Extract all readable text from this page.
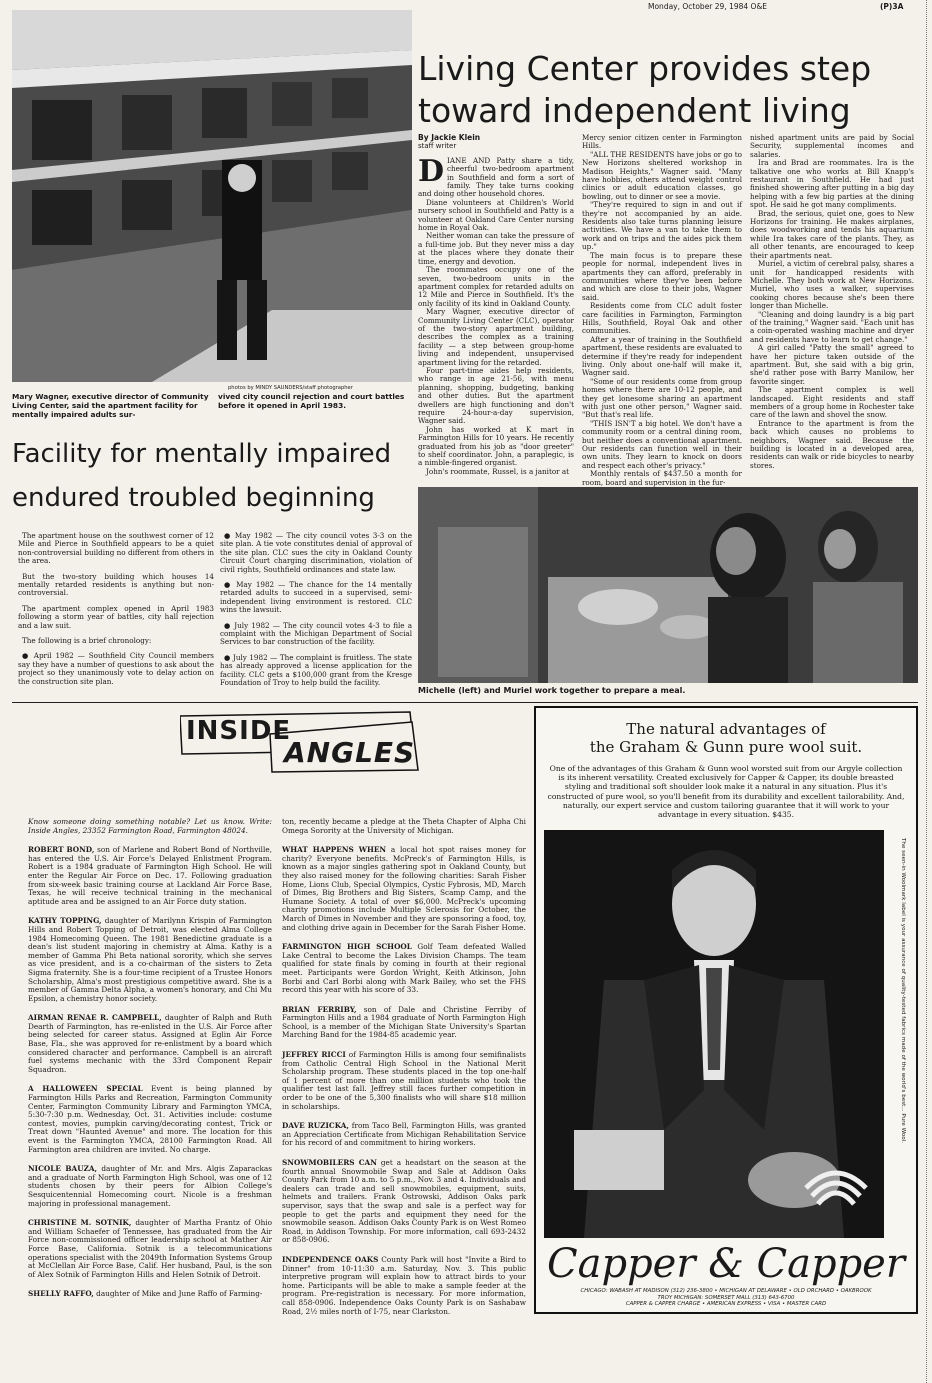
Monday, October 29, 1984 O&E	(P)3A
photos by MINDY SAUNDERS/staff photographer
Mary Wagner, executive director of Community Living Center, said the apartment facility for mentally impaired adults sur-
vived city council rejection and court battles before it opened in April 1983.
Living Center provides step
toward independent living
By Jackie Klein
staff writer
D IANE AND Patty share a tidy, cheerful two-bedroom apartment in Southfield and form a sort of family. They take turns cooking and doing other household chores.

Diane volunteers at Children's World nursery school in Southfield and Patty is a volunteer at Oakland Care Center nursing home in Royal Oak.

Neither woman can take the pressure of a full-time job. But they never miss a day at the places where they donate their time, energy and devotion.

The roommates occupy one of the seven, two-bedroom units in the apartment complex for retarded adults on 12 Mile and Pierce in Southfield. It's the only facility of its kind in Oakland County.

Mary Wagner, executive director of Community Living Center (CLC), operator of the two-story apartment building, describes the complex as a training facility — a step between group-home living and independent, unsupervised apartment living for the retarded.

Four part-time aides help residents, who range in age 21-56, with menu planning, shopping, budgeting, banking and other duties. But the apartment dwellers are high functioning and don't require 24-hour-a-day supervision, Wagner said.

John has worked at K mart in Farmington Hills for 10 years. He recently graduated from his job as "door greeter" to shelf coordinator. John, a paraplegic, is a nimble-fingered organist.

John's roommate, Russel, is a janitor at

Mercy senior citizen center in Farmington Hills.

"ALL THE RESIDENTS have jobs or go to New Horizons sheltered workshop in Madison Heights," Wagner said. "Many have hobbies, others attend weight control clinics or adult education classes, go bowling, out to dinner or see a movie.

"They're required to sign in and out if they're not accompanied by an aide. Residents also take turns planning leisure activities. We have a van to take them to work and on trips and the aides pick them up."

The main focus is to prepare these people for normal, independent lives in apartments they can afford, preferably in communities where they've been before and which are close to their jobs, Wagner said.

Residents come from CLC adult foster care facilities in Farmington, Farmington Hills, Southfield, Royal Oak and other communities.

After a year of training in the Southfield apartment, these residents are evaluated to determine if they're ready for independent living. Only about one-half will make it, Wagner said.

"Some of our residents come from group homes where there are 10-12 people, and they get lonesome sharing an apartment with just one other person," Wagner said. "But that's real life.

"THIS ISN'T a big hotel. We don't have a community room or a central dining room, but neither does a conventional apartment. Our residents can function well in their own units. They learn to knock on doors and respect each other's privacy."

Monthly rentals of $437.50 a month for room, board and supervision in the fur-

nished apartment units are paid by Social Security, supplemental incomes and salaries.

Ira and Brad are roommates. Ira is the talkative one who works at Bill Knapp's restaurant in Southfield. He had just finished showering after putting in a big day helping with a few big parties at the dining spot. He said he got many compliments.

Brad, the serious, quiet one, goes to New Horizons for training. He makes airplanes, does woodworking and tends his aquarium while Ira takes care of the plants. They, as all other tenants, are encouraged to keep their apartments neat.

Muriel, a victim of cerebral palsy, shares a unit for handicapped residents with Michelle. They both work at New Horizons. Muriel, who uses a walker, supervises cooking chores because she's been there longer than Michelle.

"Cleaning and doing laundry is a big part of the training," Wagner said. "Each unit has a coin-operated washing machine and dryer and residents have to learn to get change."

A girl called "Patty the small" agreed to have her picture taken outside of the apartment. But, she said with a big grin, she'd rather pose with Barry Manilow, her favorite singer.

The apartment complex is well landscaped. Eight residents and staff members of a group home in Rochester take care of the lawn and shovel the snow.

Entrance to the apartment is from the back which causes no problems to neighbors, Wagner said. Because the building is located in a developed area, residents can walk or ride bicycles to nearby stores.

Facility for mentally impaired
endured troubled beginning

The apartment house on the southwest corner of 12 Mile and Pierce in Southfield appears to be a quiet non-controversial building no different from others in the area.

But the two-story building which houses 14 mentally retarded residents is anything but non-controversial.

The apartment complex opened in April 1983 following a storm year of battles, city hall rejection and a law suit.

The following is a brief chronology:

● April 1982 — Southfield City Council members say they have a number of questions to ask about the project so they unanimously vote to delay action on the construction site plan.

● May 1982 — The city council votes 3-3 on the site plan. A tie vote constitutes denial of approval of the site plan. CLC sues the city in Oakland County Circuit Court charging discrimination, violation of civil rights, Southfield ordinances and state law.

● May 1982 — The chance for the 14 mentally retarded adults to succeed in a supervised, semi-independent living environment is restored. CLC wins the lawsuit.

● July 1982 — The city council votes 4-3 to file a complaint with the Michigan Department of Social Services to bar construction of the facility.

● July 1982 — The complaint is fruitless. The state has already approved a license application for the facility. CLC gets a $100,000 grant from the Kresge Foundation of Troy to help build the facility.

Michelle (left) and Muriel work together to prepare a meal.
INSIDE
ANGLES

Know someone doing something notable? Let us know. Write: Inside Angles, 23352 Farmington Road, Farmington 48024.

ROBERT BOND, son of Marlene and Robert Bond of Northville, has entered the U.S. Air Force's Delayed Enlistment Program. Robert is a 1984 graduate of Farmington High School. He will enter the Regular Air Force on Dec. 17. Following graduation from six-week basic training course at Lackland Air Force Base, Texas, he will receive technical training in the mechanical aptitude area and be assigned to an Air Force duty station.

KATHY TOPPING, daughter of Marilynn Krispin of Farmington Hills and Robert Topping of Detroit, was elected Alma College 1984 Homecoming Queen. The 1981 Benedictine graduate is a dean's list student majoring in chemistry at Alma. Kathy is a member of Gamma Phi Beta national sorority, which she serves as vice president, and is a co-chairman of the sisters to Zeta Sigma fraternity. She is a four-time recipient of a Trustee Honors Scholarship, Alma's most prestigious competitive award. She is a member of Gamma Delta Alpha, a women's honorary, and Chi Mu Epsilon, a chemistry honor society.

AIRMAN RENAE R. CAMPBELL, daughter of Ralph and Ruth Dearth of Farmington, has re-enlisted in the U.S. Air Force after being selected for career status. Assigned at Eglin Air Force Base, Fla., she was approved for re-enlistment by a board which considered character and performance. Campbell is an aircraft fuel systems mechanic with the 33rd Component Repair Squadron.

A HALLOWEEN SPECIAL Event is being planned by Farmington Hills Parks and Recreation, Farmington Community Center, Farmington Community Library and Farmington YMCA, 5:30-7:30 p.m. Wednesday, Oct. 31. Activities include: costume contest, movies, pumpkin carving/decorating contest, Trick or Treat down "Haunted Avenue" and more. The location for this event is the Farmington YMCA, 28100 Farmington Road. All Farmington area children are invited. No charge.

NICOLE BAUZA, daughter of Mr. and Mrs. Algis Zaparackas and a graduate of North Farmington High School, was one of 12 students chosen by their peers for Albion College's Sesquicentennial Homecoming court. Nicole is a freshman majoring in professional management.

CHRISTINE M. SOTNIK, daughter of Martha Frantz of Ohio and William Schaefer of Tennessee, has graduated from the Air Force non-commissioned officer leadership school at Mather Air Force Base, California. Sotnik is a telecommunications operations specialist with the 2049th Information Systems Group at McClellan Air Force Base, Calif. Her husband, Paul, is the son of Alex Sotnik of Farmington Hills and Helen Sotnik of Detroit.

SHELLY RAFFO, daughter of Mike and June Raffo of Farming-

ton, recently became a pledge at the Theta Chapter of Alpha Chi Omega Sorority at the University of Michigan.

WHAT HAPPENS WHEN a local hot spot raises money for charity? Everyone benefits. McPreck's of Farmington Hills, is known as a major singles gathering spot in Oakland County, but they also raised money for the following charities: Sarah Fisher Home, Lions Club, Special Olympics, Cystic Fybrosis, MD, March of Dimes, Big Brothers and Big Sisters, Scamp Camp, and the Humane Society. A total of over $6,000. McPreck's upcoming charity promotions include Multiple Sclerosis for October, the March of Dimes in November and they are sponsoring a food, toy, and clothing drive again in December for the Sarah Fisher Home.

FARMINGTON HIGH SCHOOL Golf Team defeated Walled Lake Central to become the Lakes Division Champs. The team qualified for state finals by coming in fourth at their regional meet. Participants were Gordon Wright, Keith Atkinson, John Borbi and Carl Borbi along with Mark Bailey, who set the FHS record this year with his score of 33.

BRIAN FERRIBY, son of Dale and Christine Ferriby of Farmington Hills and a 1984 graduate of North Farmington High School, is a member of the Michigan State University's Spartan Marching Band for the 1984-85 academic year.

JEFFREY RICCI of Farmington Hills is among four semifinalists from Catholic Central High School in the National Merit Scholarship program. These students placed in the top one-half of 1 percent of more than one million students who took the qualifier test last fall. Jeffrey still faces further competition in order to be one of the 5,300 finalists who will share $18 million in scholarships.

DAVE RUZICKA, from Taco Bell, Farmington Hills, was granted an Appreciation Certificate from Michigan Rehabilitation Service for his record of and commitment to hiring workers.

SNOWMOBILERS CAN get a headstart on the season at the fourth annual Snowmobile Swap and Sale at Addison Oaks County Park from 10 a.m. to 5 p.m., Nov. 3 and 4. Individuals and dealers can trade and sell snowmobiles, equipment, suits, helmets and trailers. Frank Ostrowski, Addison Oaks park supervisor, says that the swap and sale is a perfect way for people to get the parts and equipment they need for the snowmobile season. Addison Oaks County Park is on West Romeo Road, in Addison Township. For more information, call 693-2432 or 858-0906.

INDEPENDENCE OAKS County Park will host "Invite a Bird to Dinner" from 10-11:30 a.m. Saturday, Nov. 3. This public interpretive program will explain how to attract birds to your home. Participants will be able to make a sample feeder at the program. Pre-registration is necessary. For more information, call 858-0906. Independence Oaks County Park is on Sashabaw Road, 2½ miles north of I-75, near Clarkston.

The natural advantages of
the Graham & Gunn pure wool suit.
One of the advantages of this Graham & Gunn wool worsted suit from our Argyle collection is its inherent versatility. Created exclusively for Capper & Capper, its double breasted styling and traditional soft shoulder look make it a natural in any situation. Plus it's constructed of pure wool, so you'll benefit from its durability and excellent tailorability. And, naturally, our expert service and custom tailoring guarantee that it will work to your advantage in every situation. $435.
The seen-in Woolmark label is your assurance of quality-tested fabrics made of the world's best... Pure Wool.
Capper & Capper
CHICAGO: WABASH AT MADISON (312) 236-3800 • MICHIGAN AT DELAWARE • OLD ORCHARD • OAKBROOK
TROY MICHIGAN: SOMERSET MALL (313) 643-6700
CAPPER & CAPPER CHARGE • AMERICAN EXPRESS • VISA • MASTER CARD
